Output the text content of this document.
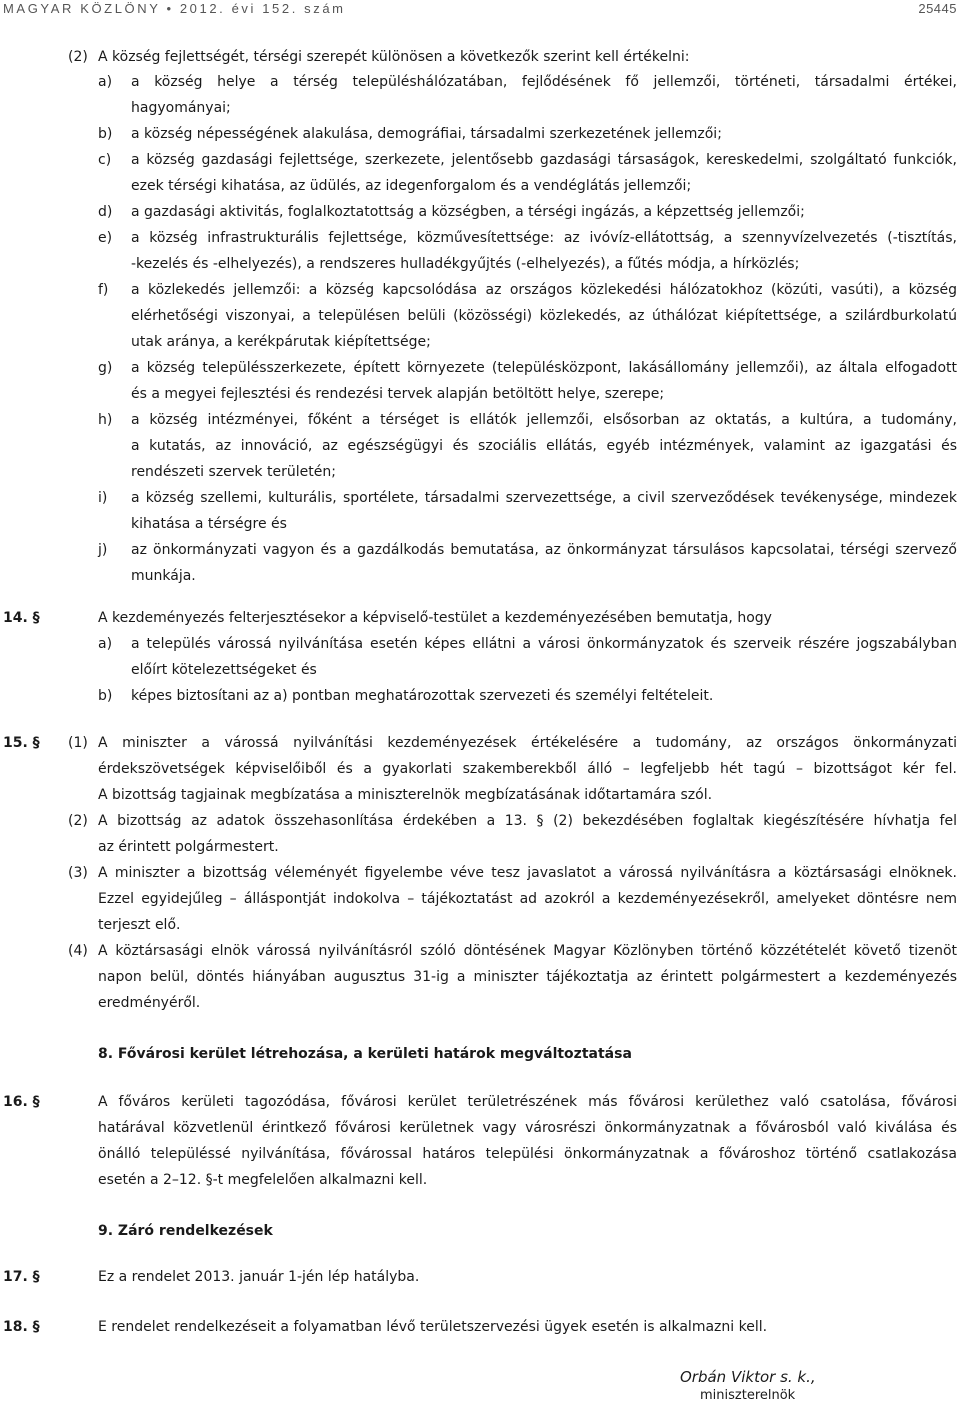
MAGYAR KÖZLÖNY • 2012. évi 152. szám	25445
(2) A község fejlettségét, térségi szerepét különösen a következők szerint kell értékelni:
a) a község helye a térség településhálózatában, fejlődésének fő jellemzői, történeti, társadalmi értékei,
hagyományai;
b) a község népességének alakulása, demográfiai, társadalmi szerkezetének jellemzői;
c) a község gazdasági fejlettsége, szerkezete, jelentősebb gazdasági társaságok, kereskedelmi, szolgáltató funkciók,
ezek térségi kihatása, az üdülés, az idegenforgalom és a vendéglátás jellemzői;
d) a gazdasági aktivitás, foglalkoztatottság a községben, a térségi ingázás, a képzettség jellemzői;
e) a község infrastrukturális fejlettsége, közművesítettsége: az ivóvíz-ellátottság, a szennyvízelvezetés (-tisztítás,
-kezelés és -elhelyezés), a rendszeres hulladékgyűjtés (-elhelyezés), a fűtés módja, a hírközlés;
f) a közlekedés jellemzői: a község kapcsolódása az országos közlekedési hálózatokhoz (közúti, vasúti), a község
elérhetőségi viszonyai, a településen belüli (közösségi) közlekedés, az úthálózat kiépítettsége, a szilárdburkolatú
utak aránya, a kerékpárutak kiépítettsége;
g) a község településszerkezete, épített környezete (településközpont, lakásállomány jellemzői), az általa elfogadott
és a megyei fejlesztési és rendezési tervek alapján betöltött helye, szerepe;
h) a község intézményei, főként a térséget is ellátók jellemzői, elsősorban az oktatás, a kultúra, a tudomány,
a kutatás, az innováció, az egészségügyi és szociális ellátás, egyéb intézmények, valamint az igazgatási és
rendészeti szervek területén;
i) a község szellemi, kulturális, sportélete, társadalmi szervezettsége, a civil szerveződések tevékenysége, mindezek
kihatása a térségre és
j) az önkormányzati vagyon és a gazdálkodás bemutatása, az önkormányzat társulásos kapcsolatai, térségi szervező
munkája.
14. §	A kezdeményezés felterjesztésekor a képviselő-testület a kezdeményezésében bemutatja, hogy
a) a település várossá nyilvánítása esetén képes ellátni a városi önkormányzatok és szerveik részére jogszabályban
előírt kötelezettségeket és
b) képes biztosítani az a) pontban meghatározottak szervezeti és személyi feltételeit.
15. § (1) A miniszter a várossá nyilvánítási kezdeményezések értékelésére a tudomány, az országos önkormányzati
érdekszövetségek képviselőiből és a gyakorlati szakemberekből álló – legfeljebb hét tagú – bizottságot kér fel.
A bizottság tagjainak megbízatása a miniszterelnök megbízatásának időtartamára szól.
(2) A bizottság az adatok összehasonlítása érdekében a 13. § (2) bekezdésében foglaltak kiegészítésére hívhatja fel
az érintett polgármestert.
(3) A miniszter a bizottság véleményét figyelembe véve tesz javaslatot a várossá nyilvánításra a köztársasági elnöknek.
Ezzel egyidejűleg – álláspontját indokolva – tájékoztatást ad azokról a kezdeményezésekről, amelyeket döntésre nem
terjeszt elő.
(4) A köztársasági elnök várossá nyilvánításról szóló döntésének Magyar Közlönyben történő közzétételét követő tizenöt
napon belül, döntés hiányában augusztus 31-ig a miniszter tájékoztatja az érintett polgármestert a kezdeményezés
eredményéről.
8. Fővárosi kerület létrehozása, a kerületi határok megváltoztatása
16. §	A főváros kerületi tagozódása, fővárosi kerület területrészének más fővárosi kerülethez való csatolása, fővárosi
határával közvetlenül érintkező fővárosi kerületnek vagy városrészi önkormányzatnak a fővárosból való kiválása és
önálló településsé nyilvánítása, fővárossal határos települési önkormányzatnak a fővároshoz történő csatlakozása
esetén a 2–12. §-t megfelelően alkalmazni kell.
9. Záró rendelkezések
17. §	Ez a rendelet 2013. január 1-jén lép hatályba.
18. §	E rendelet rendelkezéseit a folyamatban lévő területszervezési ügyek esetén is alkalmazni kell.
Orbán Viktor s. k.,
miniszterelnök
